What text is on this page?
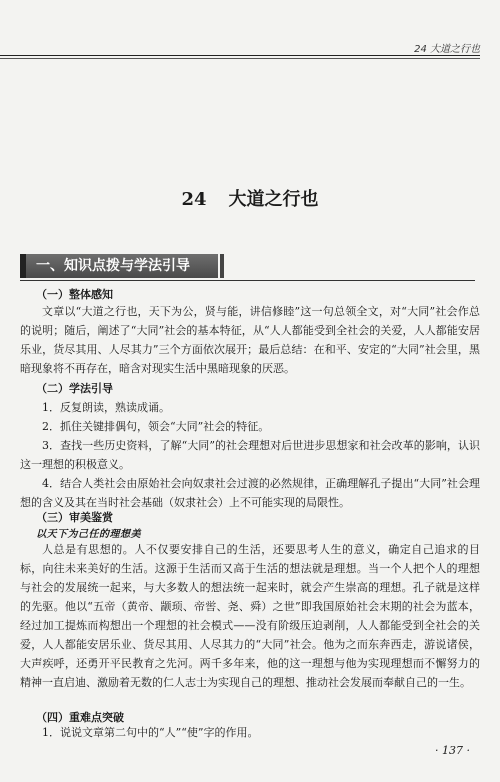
24 大道之行也
24 大道之行也
一、知识点拨与学法引导
（一）整体感知
文章以“大道之行也，天下为公，贤与能，讲信修睦”这一句总领全文，对“大同”社会作总的说明；随后，阐述了“大同”社会的基本特征，从“人人都能受到全社会的关爱，人人都能安居乐业，货尽其用、人尽其力”三个方面依次展开；最后总结：在和平、安定的“大同”社会里，黑暗现象将不再存在，暗含对现实生活中黑暗现象的厌恶。
（二）学法引导
1．反复朗读，熟读成诵。
2．抓住关键排偶句，领会“大同”社会的特征。
3．查找一些历史资料，了解“大同”的社会理想对后世进步思想家和社会改革的影响，认识这一理想的积极意义。
4．结合人类社会由原始社会向奴隶社会过渡的必然规律，正确理解孔子提出“大同”社会理想的含义及其在当时社会基础（奴隶社会）上不可能实现的局限性。
（三）审美鉴赏
以天下为己任的理想美
人总是有思想的。人不仅要安排自己的生活，还要思考人生的意义，确定自己追求的目标，向往未来美好的生活。这源于生活而又高于生活的想法就是理想。当一个人把个人的理想与社会的发展统一起来，与大多数人的想法统一起来时，就会产生崇高的理想。孔子就是这样的先驱。他以“五帝（黄帝、颛顼、帝喾、尧、舜）之世”即我国原始社会末期的社会为蓝本，经过加工提炼而构想出一个理想的社会模式——没有阶级压迫剥削，人人都能受到全社会的关爱，人人都能安居乐业、货尽其用、人尽其力的“大同”社会。他为之而东奔西走，游说诸侯，大声疾呼，还勇开平民教育之先河。两千多年来，他的这一理想与他为实现理想而不懈努力的精神一直启迪、激励着无数的仁人志士为实现自己的理想、推动社会发展而奉献自己的一生。
（四）重难点突破
1．说说文章第二句中的“人”“使”字的作用。
· 137 ·
